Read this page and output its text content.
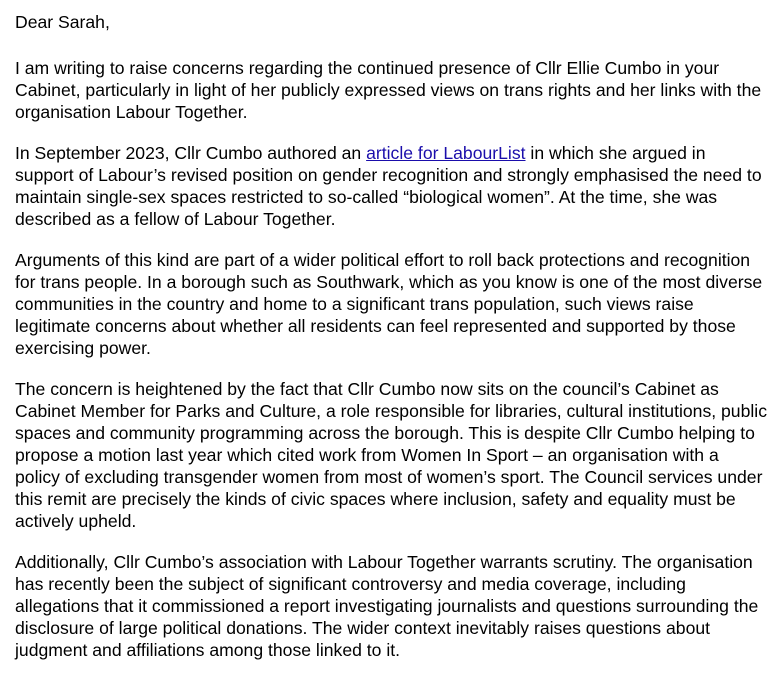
Dear Sarah,

I am writing to raise concerns regarding the continued presence of Cllr Ellie Cumbo in your Cabinet, particularly in light of her publicly expressed views on trans rights and her links with the organisation Labour Together.

In September 2023, Cllr Cumbo authored an article for LabourList in which she argued in support of Labour’s revised position on gender recognition and strongly emphasised the need to maintain single-sex spaces restricted to so-called “biological women”. At the time, she was described as a fellow of Labour Together.

Arguments of this kind are part of a wider political effort to roll back protections and recognition for trans people. In a borough such as Southwark, which as you know is one of the most diverse communities in the country and home to a significant trans population, such views raise legitimate concerns about whether all residents can feel represented and supported by those exercising power.

The concern is heightened by the fact that Cllr Cumbo now sits on the council’s Cabinet as Cabinet Member for Parks and Culture, a role responsible for libraries, cultural institutions, public spaces and community programming across the borough. This is despite Cllr Cumbo helping to propose a motion last year which cited work from Women In Sport – an organisation with a policy of excluding transgender women from most of women’s sport. The Council services under this remit are precisely the kinds of civic spaces where inclusion, safety and equality must be actively upheld.

Additionally, Cllr Cumbo’s association with Labour Together warrants scrutiny. The organisation has recently been the subject of significant controversy and media coverage, including allegations that it commissioned a report investigating journalists and questions surrounding the disclosure of large political donations. The wider context inevitably raises questions about judgment and affiliations among those linked to it.
